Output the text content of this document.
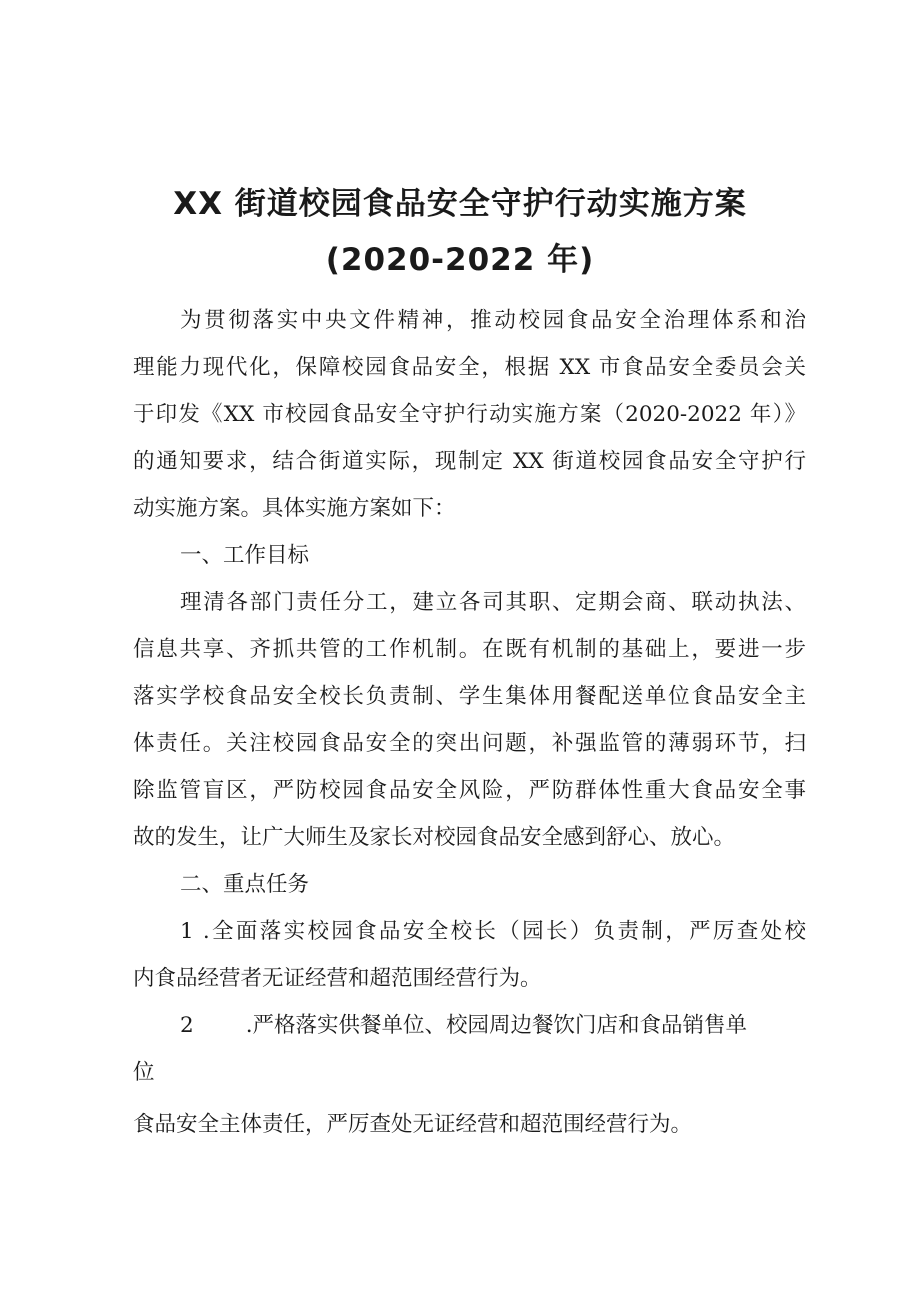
XX 街道校园食品安全守护行动实施方案
(2020-2022 年)
为贯彻落实中央文件精神，推动校园食品安全治理体系和治
理能力现代化，保障校园食品安全，根据 XX 市食品安全委员会关
于印发《XX 市校园食品安全守护行动实施方案（2020-2022 年）》
的通知要求，结合街道实际，现制定 XX 街道校园食品安全守护行
动实施方案。具体实施方案如下：
一、工作目标
理清各部门责任分工，建立各司其职、定期会商、联动执法、
信息共享、齐抓共管的工作机制。在既有机制的基础上，要进一步
落实学校食品安全校长负责制、学生集体用餐配送单位食品安全主
体责任。关注校园食品安全的突出问题，补强监管的薄弱环节，扫
除监管盲区，严防校园食品安全风险，严防群体性重大食品安全事
故的发生，让广大师生及家长对校园食品安全感到舒心、放心。
二、重点任务
1 .全面落实校园食品安全校长（园长）负责制，严厉查处校
内食品经营者无证经营和超范围经营行为。
2 .严格落实供餐单位、校园周边餐饮门店和食品销售单
位
食品安全主体责任，严厉查处无证经营和超范围经营行为。
